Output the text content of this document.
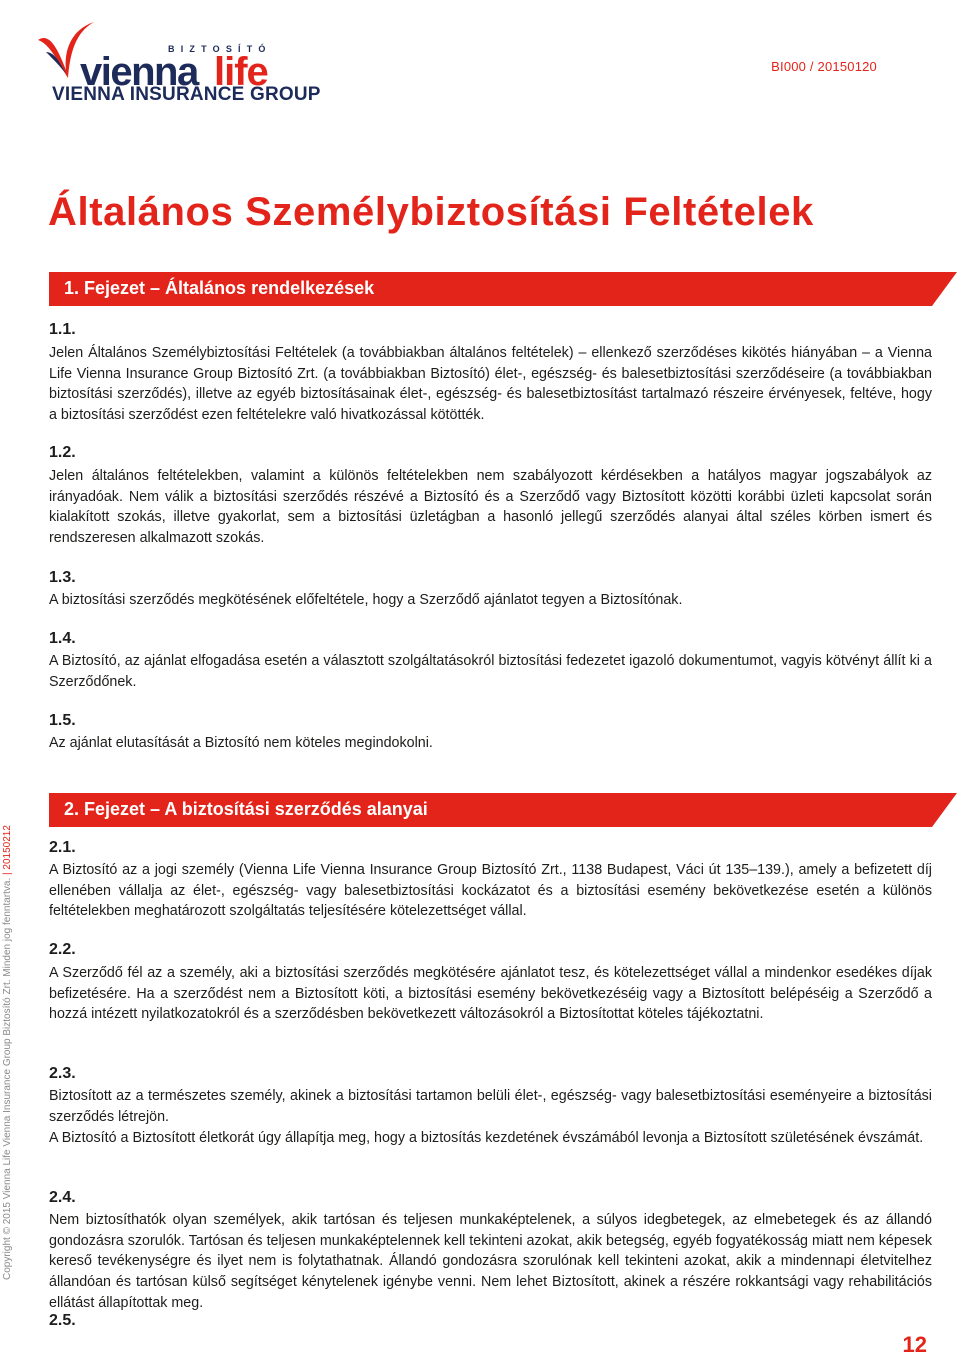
BIZTOSÍTÓ
vienna life
VIENNA INSURANCE GROUP
BI000 / 20150120
Általános Személybiztosítási Feltételek
1. Fejezet – Általános rendelkezések

1.1.

Jelen Általános Személybiztosítási Feltételek (a továbbiakban általános feltételek) – ellenkező szerződéses kikötés hiányában – a Vienna Life Vienna Insurance Group Biztosító Zrt. (a továbbiakban Biztosító) élet-, egészség- és balesetbiztosítási szerződéseire (a továbbiakban biztosítási szerződés), illetve az egyéb biztosításainak élet-, egészség- és balesetbiztosítást tartalmazó részeire érvényesek, feltéve, hogy a biztosítási szerződést ezen feltételekre való hivatkozással kötötték.

1.2.

Jelen általános feltételekben, valamint a különös feltételekben nem szabályozott kérdésekben a hatályos magyar jogszabályok az irányadóak. Nem válik a biztosítási szerződés részévé a Biztosító és a Szerződő vagy Biztosított közötti korábbi üzleti kapcsolat során kialakított szokás, illetve gyakorlat, sem a biztosítási üzletágban a hasonló jellegű szerződés alanyai által széles körben ismert és rendszeresen alkalmazott szokás.

1.3.

A biztosítási szerződés megkötésének előfeltétele, hogy a Szerződő ajánlatot tegyen a Biztosítónak.

1.4.

A Biztosító, az ajánlat elfogadása esetén a választott szolgáltatásokról biztosítási fedezetet igazoló dokumentumot, vagyis kötvényt állít ki a Szerződőnek.

1.5.

Az ajánlat elutasítását a Biztosító nem köteles megindokolni.

2. Fejezet – A biztosítási szerződés alanyai

2.1.

A Biztosító az a jogi személy (Vienna Life Vienna Insurance Group Biztosító Zrt., 1138 Budapest, Váci út 135–139.), amely a befizetett díj ellenében vállalja az élet-, egészség- vagy balesetbiztosítási kockázatot és a biztosítási esemény bekövetkezése esetén a különös feltételekben meghatározott szolgáltatás teljesítésére kötelezettséget vállal.

2.2.

A Szerződő fél az a személy, aki a biztosítási szerződés megkötésére ajánlatot tesz, és kötelezettséget vállal a mindenkor esedékes díjak befizetésére. Ha a szerződést nem a Biztosított köti, a biztosítási esemény bekövetkezéséig vagy a Biztosított belépéséig a Szerződő a hozzá intézett nyilatkozatokról és a szerződésben bekövetkezett változásokról a Biztosítottat köteles tájékoztatni.

2.3.

Biztosított az a természetes személy, akinek a biztosítási tartamon belüli élet-, egészség- vagy balesetbiztosítási eseményeire a biztosítási szerződés létrejön.

A Biztosító a Biztosított életkorát úgy állapítja meg, hogy a biztosítás kezdetének évszámából levonja a Biztosított születésének évszámát.

2.4.

Nem biztosíthatók olyan személyek, akik tartósan és teljesen munkaképtelenek, a súlyos idegbetegek, az elmebetegek és az állandó gondozásra szorulók. Tartósan és teljesen munkaképtelennek kell tekinteni azokat, akik betegség, egyéb fogyatékosság miatt nem képesek kereső tevékenységre és ilyet nem is folytathatnak. Állandó gondozásra szorulónak kell tekinteni azokat, akik a mindennapi életvitelhez állandóan és tartósan külső segítséget kénytelenek igénybe venni. Nem lehet Biztosított, akinek a részére rokkantsági vagy rehabilitációs ellátást állapítottak meg.

2.5.

Copyright © 2015 Vienna Life Vienna Insurance Group Biztosító Zrt. Minden jog fenntartva. | 20150212
12
